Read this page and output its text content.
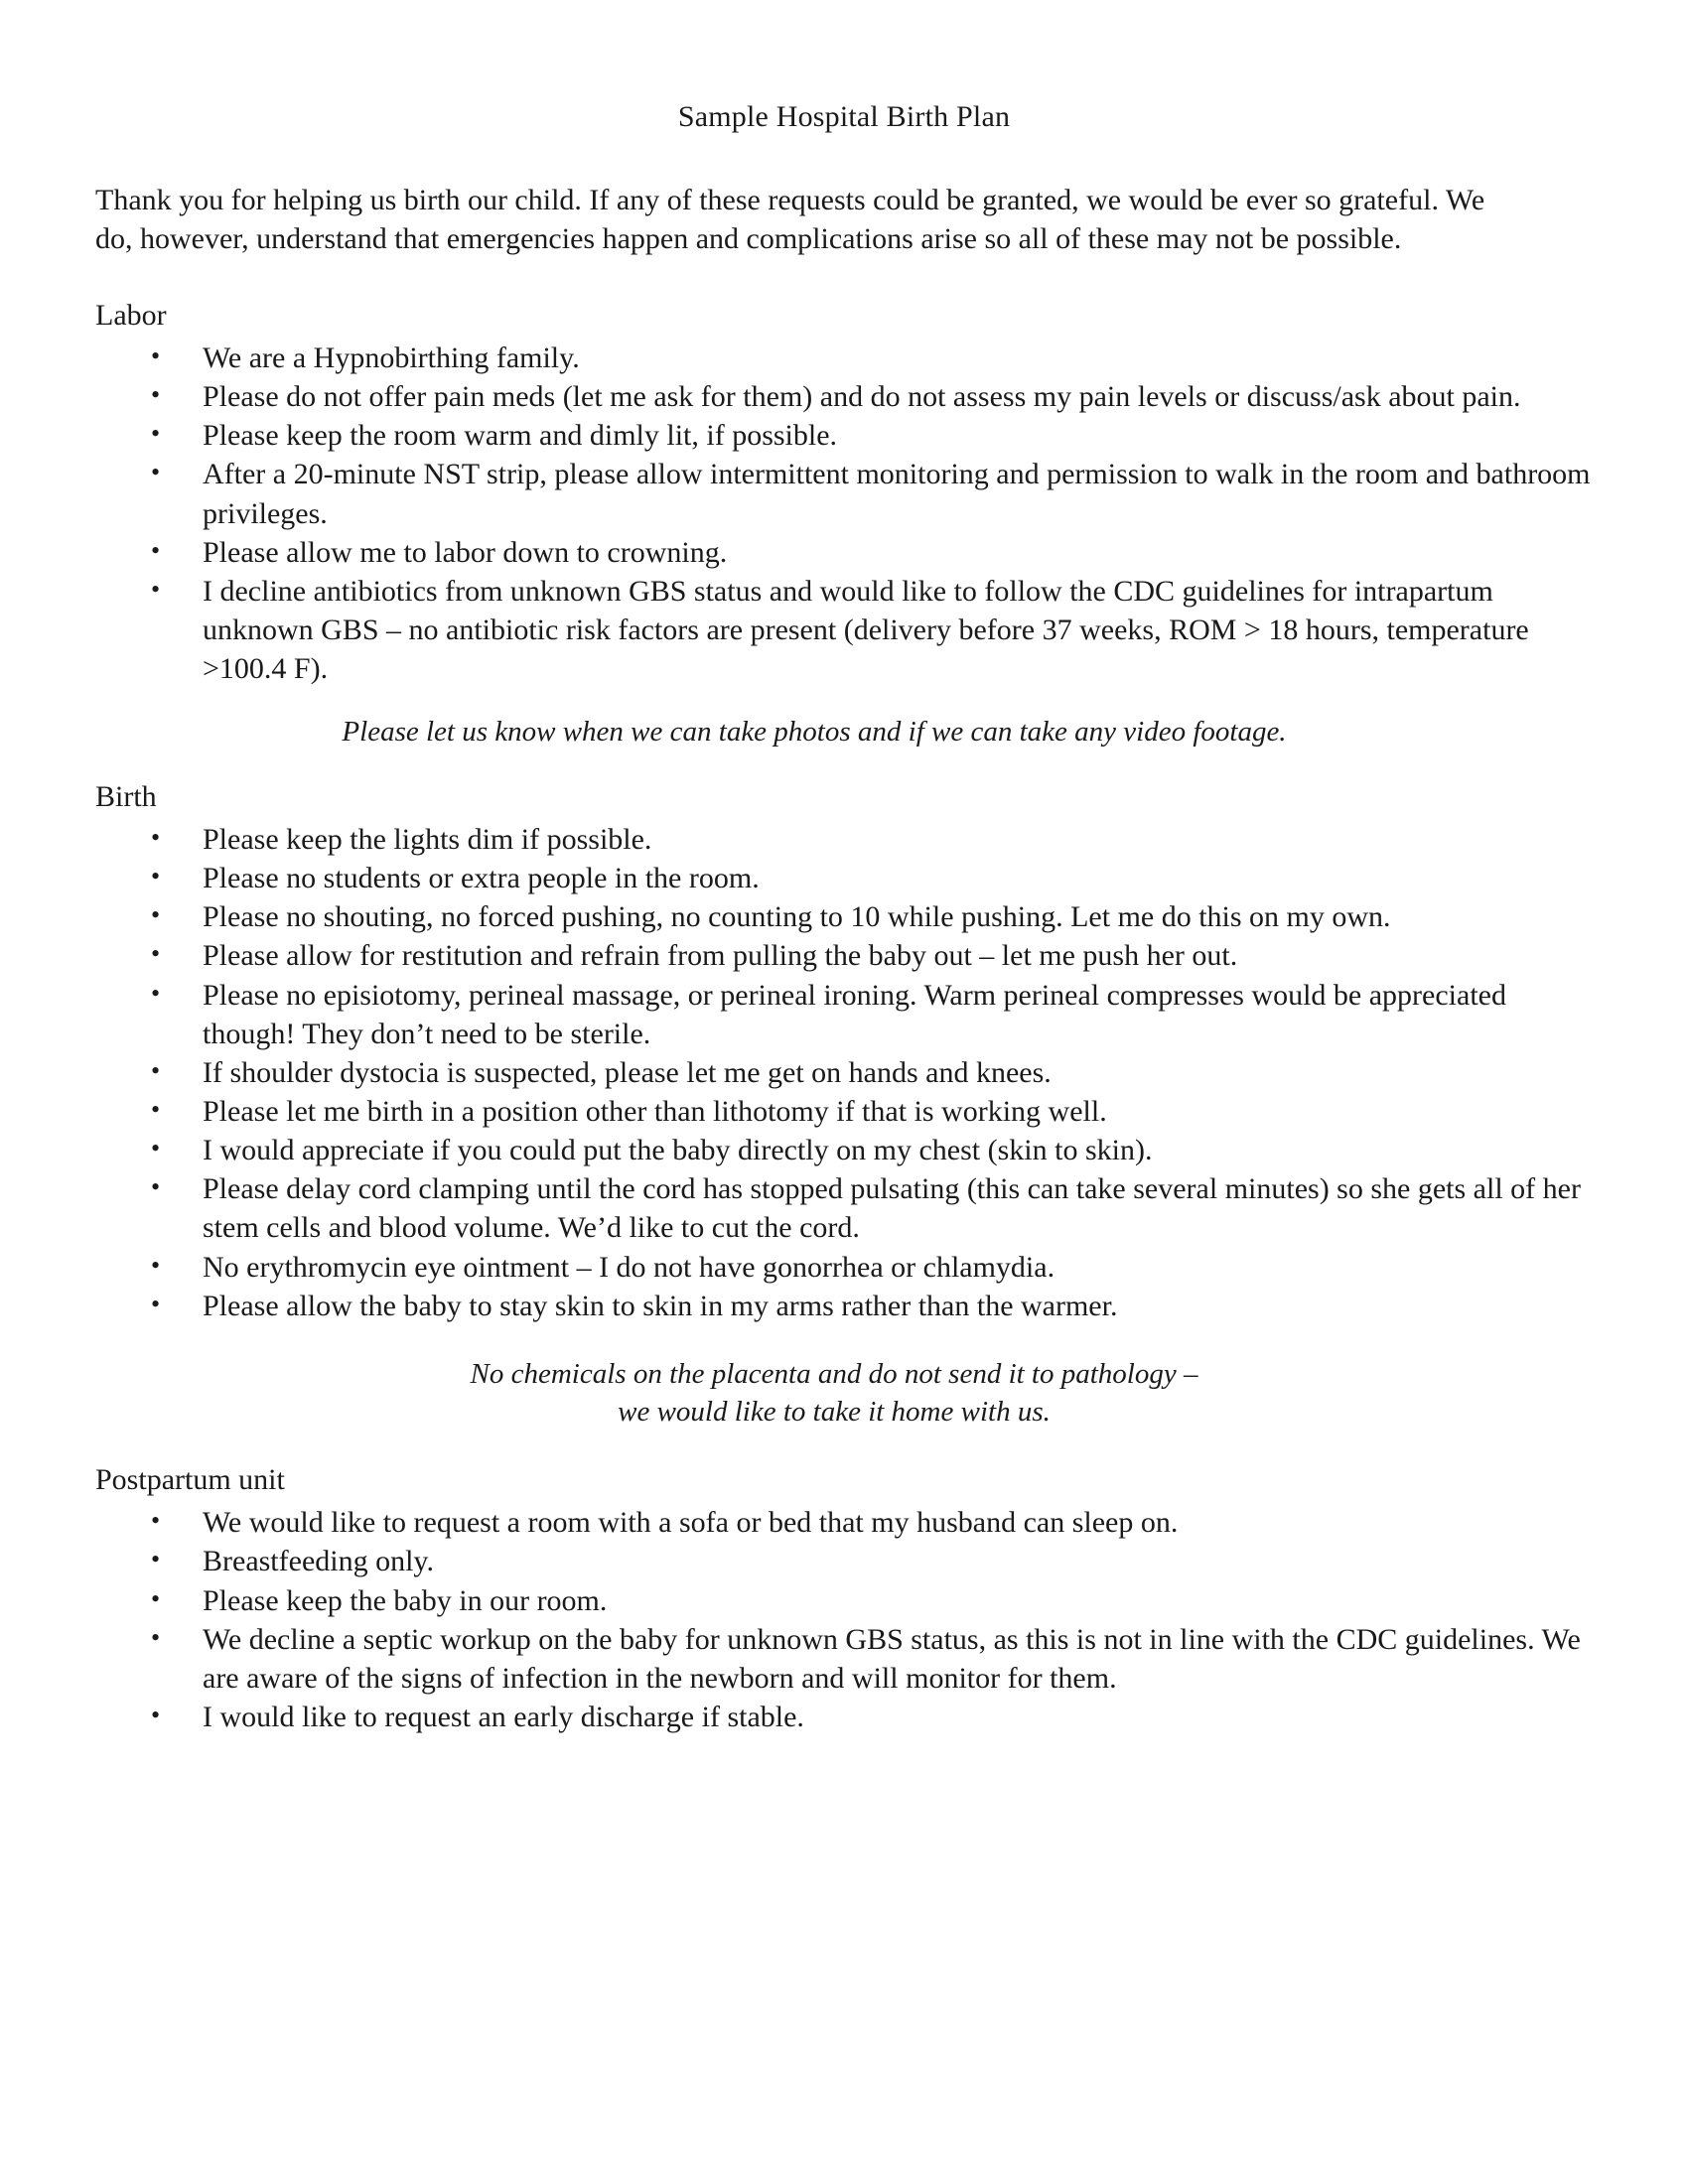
Sample Hospital Birth Plan

Thank you for helping us birth our child. If any of these requests could be granted, we would be ever so grateful. We do, however, understand that emergencies happen and complications arise so all of these may not be possible.

Labor
• We are a Hypnobirthing family.
• Please do not offer pain meds (let me ask for them) and do not assess my pain levels or discuss/ask about pain.
• Please keep the room warm and dimly lit, if possible.
• After a 20-minute NST strip, please allow intermittent monitoring and permission to walk in the room and bathroom privileges.
• Please allow me to labor down to crowning.
• I decline antibiotics from unknown GBS status and would like to follow the CDC guidelines for intrapartum unknown GBS – no antibiotic risk factors are present (delivery before 37 weeks, ROM > 18 hours, temperature >100.4 F).
Please let us know when we can take photos and if we can take any video footage.
Birth
• Please keep the lights dim if possible.
• Please no students or extra people in the room.
• Please no shouting, no forced pushing, no counting to 10 while pushing. Let me do this on my own.
• Please allow for restitution and refrain from pulling the baby out – let me push her out.
• Please no episiotomy, perineal massage, or perineal ironing. Warm perineal compresses would be appreciated though! They don’t need to be sterile.
• If shoulder dystocia is suspected, please let me get on hands and knees.
• Please let me birth in a position other than lithotomy if that is working well.
• I would appreciate if you could put the baby directly on my chest (skin to skin).
• Please delay cord clamping until the cord has stopped pulsating (this can take several minutes) so she gets all of her stem cells and blood volume. We’d like to cut the cord.
• No erythromycin eye ointment – I do not have gonorrhea or chlamydia.
• Please allow the baby to stay skin to skin in my arms rather than the warmer.
No chemicals on the placenta and do not send it to pathology –
we would like to take it home with us.
Postpartum unit
• We would like to request a room with a sofa or bed that my husband can sleep on.
• Breastfeeding only.
• Please keep the baby in our room.
• We decline a septic workup on the baby for unknown GBS status, as this is not in line with the CDC guidelines. We are aware of the signs of infection in the newborn and will monitor for them.
• I would like to request an early discharge if stable.
